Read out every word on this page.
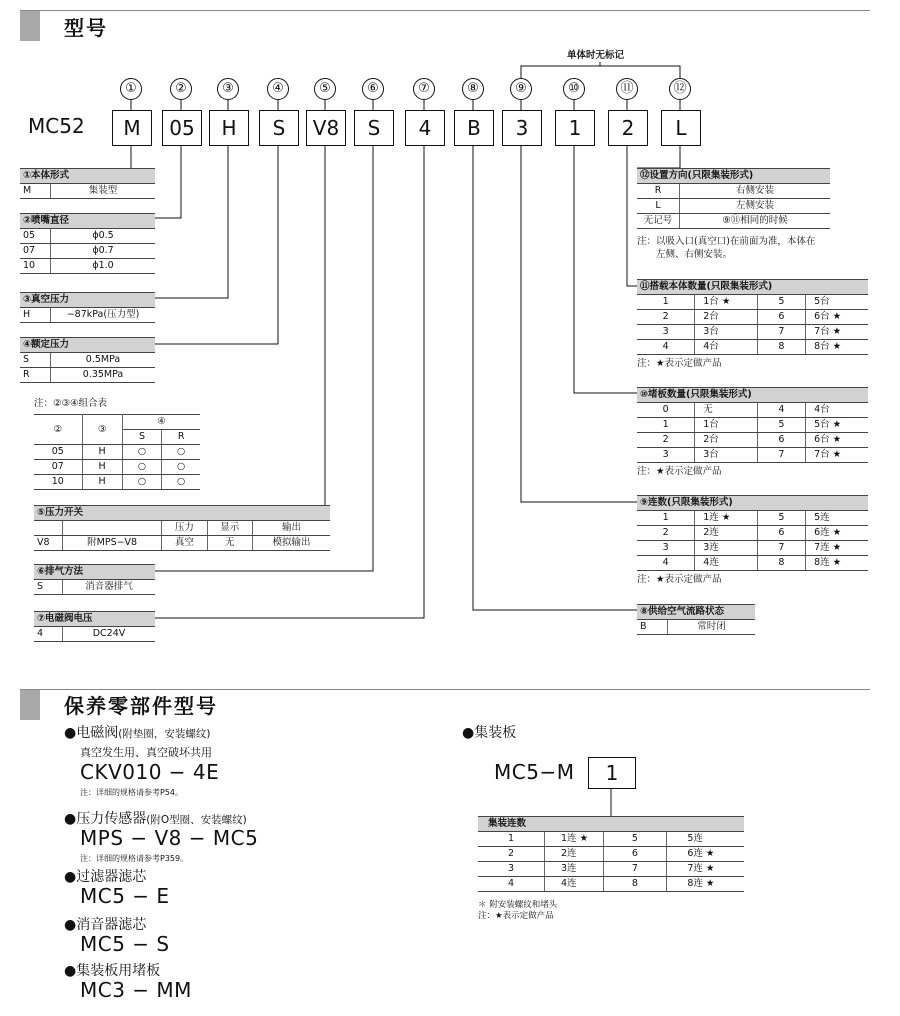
型号
单体时无标记
MC52
①	②	③	④	⑤	⑥	⑦	⑧	⑨	⑩	⑪	⑫
M	05	H	S	V8	S	4	B	3	1	2	L
①本体形式
M	集装型
②喷嘴直径	
05	ϕ0.5
07	ϕ0.7
10	ϕ1.0
③真空压力
H	−87kPa(压力型)
④额定压力	
S	0.5MPa
R	0.35MPa
注：②③④组合表
②	③	④	
		S	R
05	H	○	○
07	H	○	○
10	H	○	○
⑤压力开关				
		压力	显示	输出
V8	附MPS−V8	真空	无	模拟输出
⑥排气方法
S	消音器排气
⑦电磁阀电压
4	DC24V
⑫设置方向(只限集装形式)	
R	右侧安装
L	左侧安装
无记号	⑨⑪相同的时候
注：以吸入口(真空口)在前面为准，本体在
左侧、右侧安装。
⑪搭载本体数量(只限集装形式)			
1	1台 ★	5	5台
2	2台	6	6台 ★
3	3台	7	7台 ★
4	4台	8	8台 ★
注：★表示定做产品
⑩堵板数量(只限集装形式)			
0	无	4	4台
1	1台	5	5台 ★
2	2台	6	6台 ★
3	3台	7	7台 ★
注：★表示定做产品
⑨连数(只限集装形式)			
1	1连 ★	5	5连
2	2连	6	6连 ★
3	3连	7	7连 ★
4	4连	8	8连 ★
注：★表示定做产品
⑧供给空气流路状态
B	常时闭
保养零部件型号
●电磁阀(附垫圈，安装螺纹)
真空发生用、真空破坏共用
CKV010 − 4E
注：详细的规格请参考P54。
●压力传感器(附O型圈、安装螺纹)
MPS − V8 − MC5
注：详细的规格请参考P359。
●过滤器滤芯
MC5 − E
●消音器滤芯
MC5 − S
●集装板用堵板
MC3 − MM
●集装板
MC5−M	1
集装连数			
1	1连 ★	5	5连
2	2连	6	6连 ★
3	3连	7	7连 ★
4	4连	8	8连 ★
＊ 附安装螺纹和堵头
注：★表示定做产品
